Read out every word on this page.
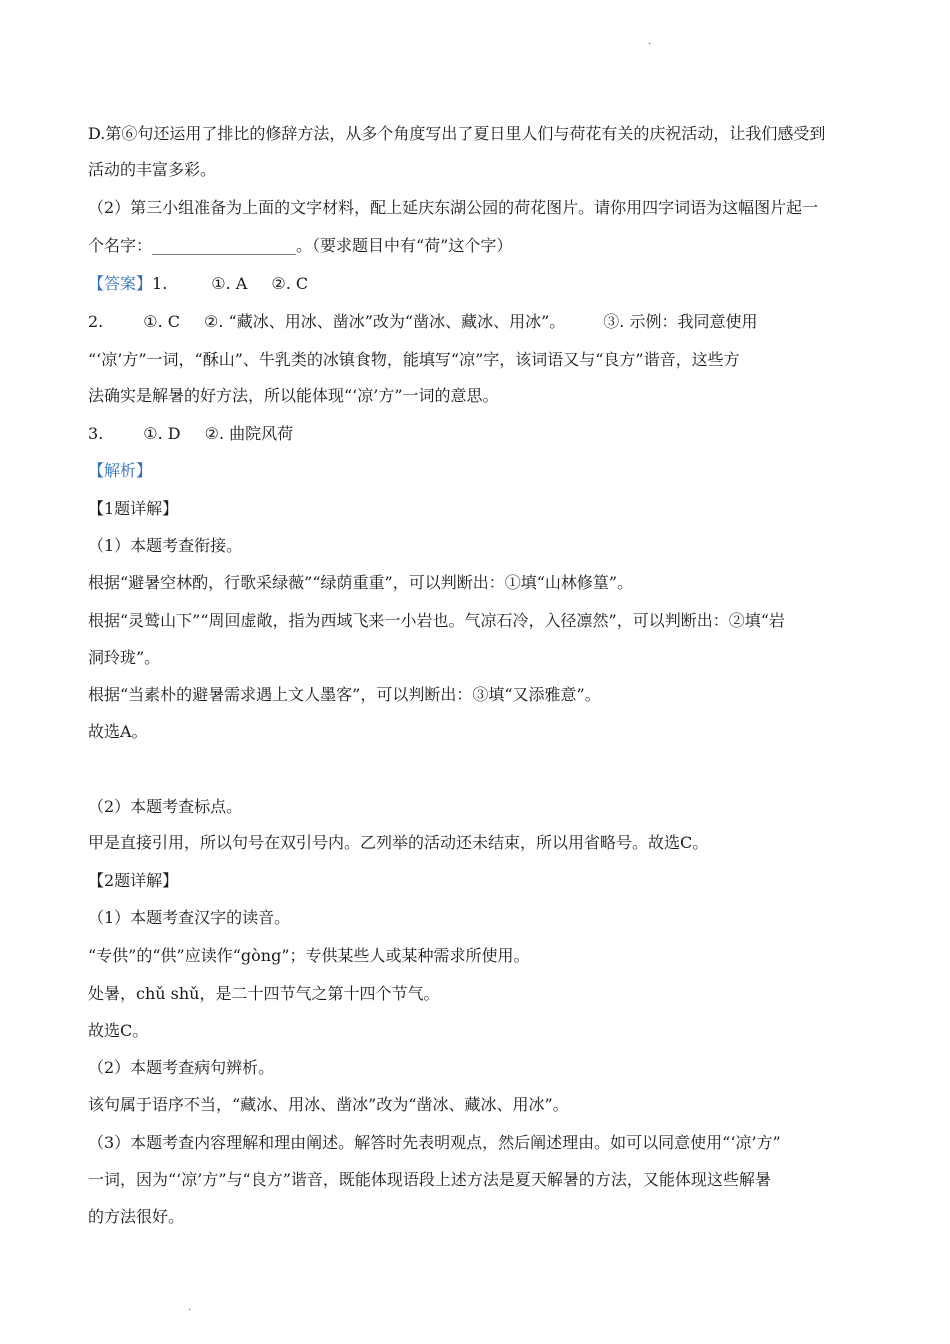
.
D.第⑥句还运用了排比的修辞方法，从多个角度写出了夏日里人们与荷花有关的庆祝活动，让我们感受到
活动的丰富多彩。
（2）第三小组准备为上面的文字材料，配上延庆东湖公园的荷花图片。请你用四字词语为这幅图片起一
个名字：__________________。（要求题目中有“荷”这个字）
【答案】1.	①. A ②. C
2.	①. C ②. “藏冰、用冰、凿冰”改为“凿冰、藏冰、用冰”。 ③. 示例：我同意使用
“‘凉’方”一词，“酥山”、牛乳类的冰镇食物，能填写“凉”字，该词语又与“良方”谐音，这些方
法确实是解暑的好方法，所以能体现“‘凉’方”一词的意思。
3.	①. D ②. 曲院风荷
【解析】
【1题详解】
（1）本题考查衔接。
根据“避暑空林酌，行歌采绿薇”“绿荫重重”，可以判断出：①填“山林修篁”。
根据“灵鹫山下”“周回虚敞，指为西域飞来一小岩也。气凉石冷，入径凛然”，可以判断出：②填“岩
洞玲珑”。
根据“当素朴的避暑需求遇上文人墨客”，可以判断出：③填“又添雅意”。
故选A。
（2）本题考查标点。
甲是直接引用，所以句号在双引号内。乙列举的活动还未结束，所以用省略号。故选C。
【2题详解】
（1）本题考查汉字的读音。
“专供”的“供”应读作“gòng”；专供某些人或某种需求所使用。
处暑，chǔ shǔ，是二十四节气之第十四个节气。
故选C。
（2）本题考查病句辨析。
该句属于语序不当，“藏冰、用冰、凿冰”改为“凿冰、藏冰、用冰”。
（3）本题考查内容理解和理由阐述。解答时先表明观点，然后阐述理由。如可以同意使用“‘凉’方”
一词，因为“‘凉’方”与“良方”谐音，既能体现语段上述方法是夏天解暑的方法，又能体现这些解暑
的方法很好。
.
